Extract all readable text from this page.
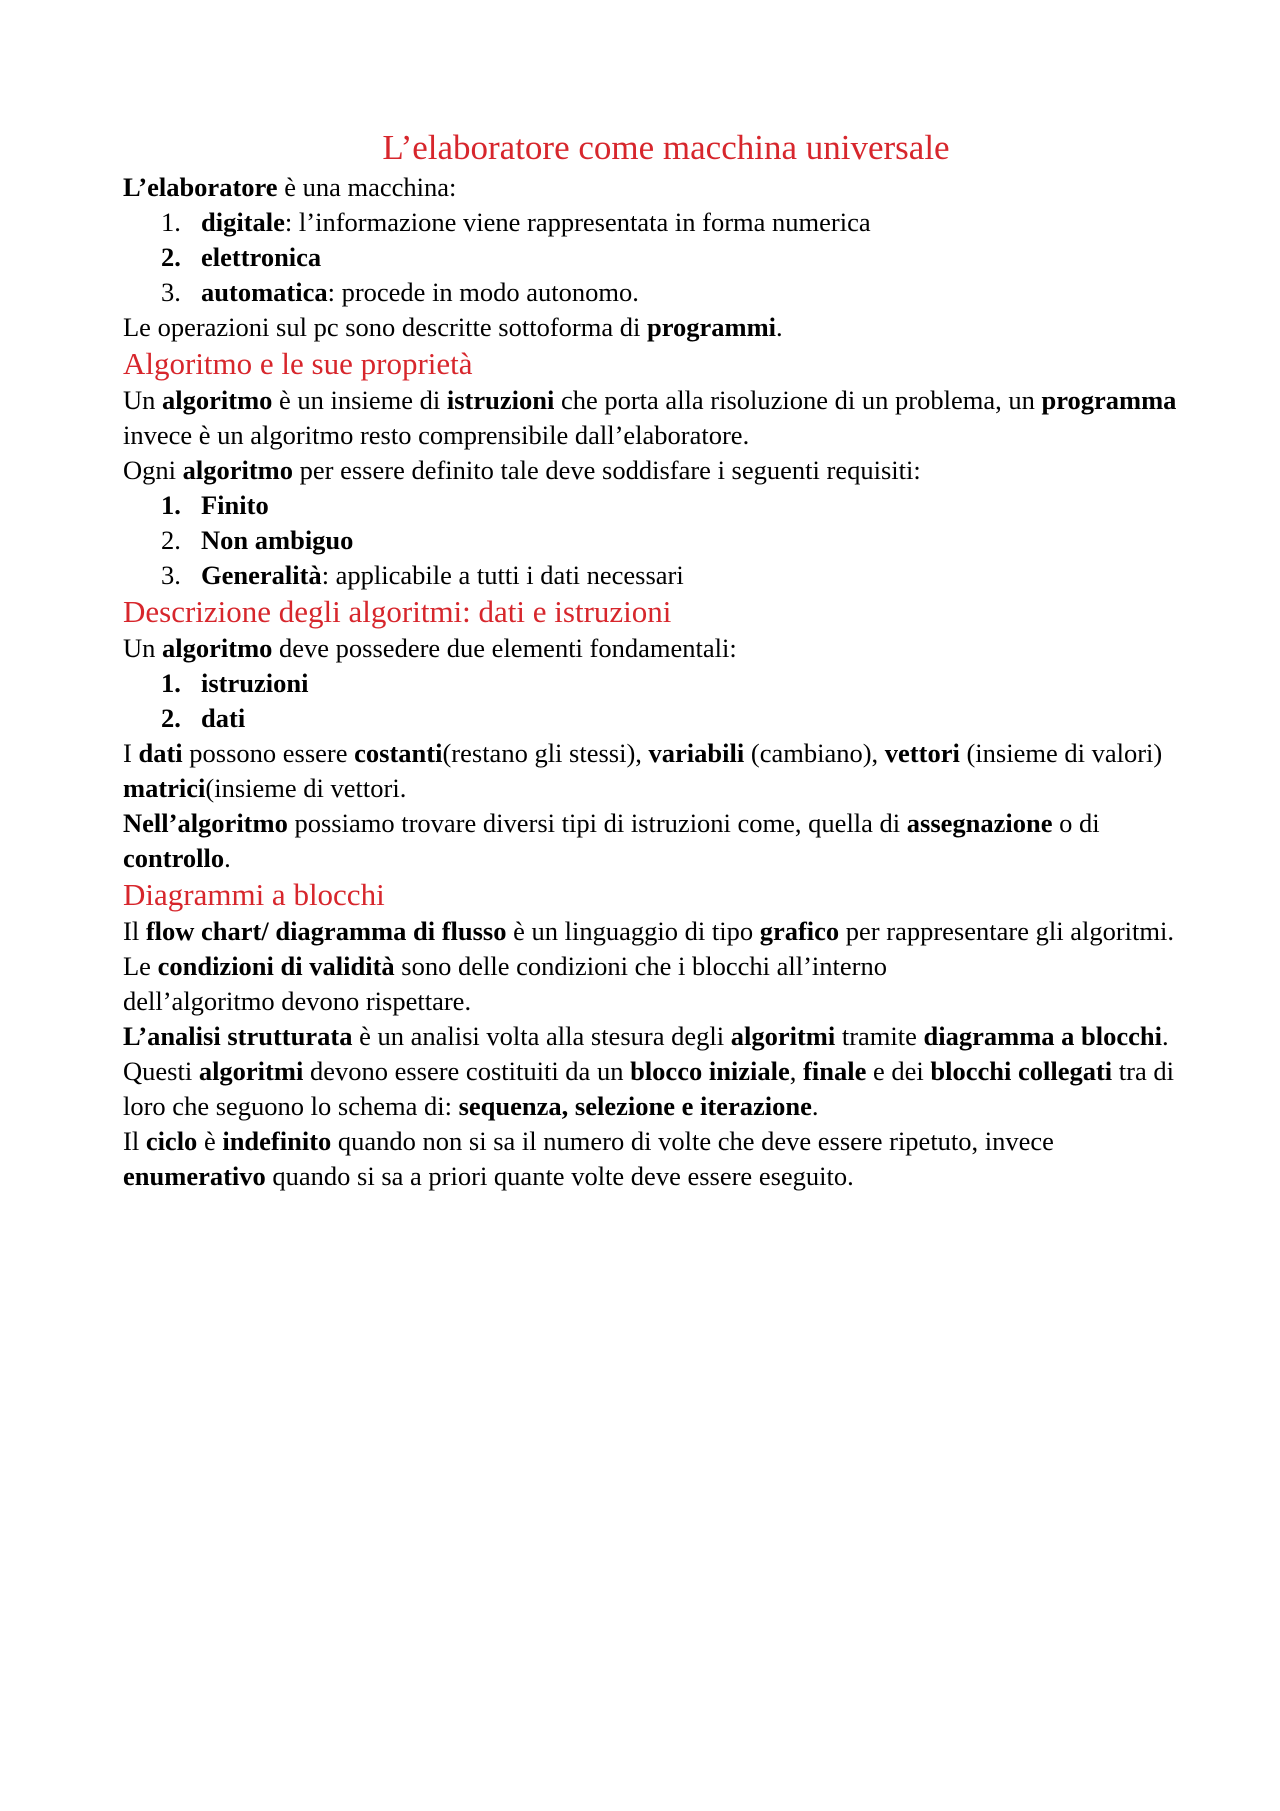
L’elaboratore come macchina universale

L’elaboratore è una macchina:

1. digitale: l’informazione viene rappresentata in forma numerica
2. elettronica
3. automatica: procede in modo autonomo.

Le operazioni sul pc sono descritte sottoforma di programmi.

Algoritmo e le sue proprietà

Un algoritmo è un insieme di istruzioni che porta alla risoluzione di un problema, un programma invece è un algoritmo resto comprensibile dall’elaboratore.

Ogni algoritmo per essere definito tale deve soddisfare i seguenti requisiti:

1. Finito
2. Non ambiguo
3. Generalità: applicabile a tutti i dati necessari
Descrizione degli algoritmi: dati e istruzioni

Un algoritmo deve possedere due elementi fondamentali:

1. istruzioni
2. dati

I dati possono essere costanti(restano gli stessi), variabili (cambiano), vettori (insieme di valori) matrici(insieme di vettori.

Nell’algoritmo possiamo trovare diversi tipi di istruzioni come, quella di assegnazione o di controllo.

Diagrammi a blocchi

Il flow chart/ diagramma di flusso è un linguaggio di tipo grafico per rappresentare gli algoritmi.

Le condizioni di validità sono delle condizioni che i blocchi all’interno
dell’algoritmo devono rispettare.

L’analisi strutturata è un analisi volta alla stesura degli algoritmi tramite diagramma a blocchi.

Questi algoritmi devono essere costituiti da un blocco iniziale, finale e dei blocchi collegati tra di loro che seguono lo schema di: sequenza, selezione e iterazione.

Il ciclo è indefinito quando non si sa il numero di volte che deve essere ripetuto, invece enumerativo quando si sa a priori quante volte deve essere eseguito.
